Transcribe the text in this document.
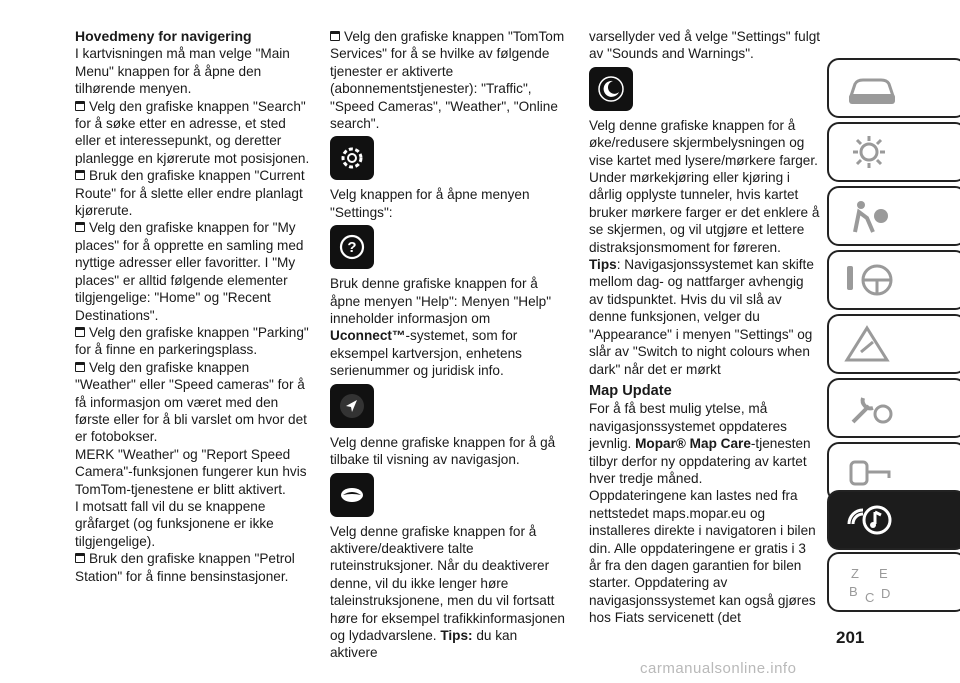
Hovedmeny for navigering

I kartvisningen må man velge "Main Menu" knappen for å åpne den tilhørende menyen.

Velg den grafiske knappen "Search" for å søke etter en adresse, et sted eller et interessepunkt, og deretter planlegge en kjørerute mot posisjonen.

Bruk den grafiske knappen "Current Route" for å slette eller endre planlagt kjørerute.

Velg den grafiske knappen for "My places" for å opprette en samling med nyttige adresser eller favoritter. I "My places" er alltid følgende elementer tilgjengelige: "Home" og "Recent Destinations".

Velg den grafiske knappen "Parking" for å finne en parkeringsplass.

Velg den grafiske knappen "Weather" eller "Speed cameras" for å få informasjon om været med den første eller for å bli varslet om hvor det er fotobokser.

MERK "Weather" og "Report Speed Camera"-funksjonen fungerer kun hvis TomTom-tjenestene er blitt aktivert.

I motsatt fall vil du se knappene gråfarget (og funksjonene er ikke tilgjengelige).

Bruk den grafiske knappen "Petrol Station" for å finne bensinstasjoner.

Velg den grafiske knappen "TomTom Services" for å se hvilke av følgende tjenester er aktiverte (abonnementstjenester): "Traffic", "Speed Cameras", "Weather", "Online search".

Velg knappen for å åpne menyen "Settings":

?

Bruk denne grafiske knappen for å åpne menyen "Help": Menyen "Help" inneholder informasjon om Uconnect™-systemet, som for eksempel kartversjon, enhetens serienummer og juridisk info.

Velg denne grafiske knappen for å gå tilbake til visning av navigasjon.

Velg denne grafiske knappen for å aktivere/deaktivere talte ruteinstruksjoner. Når du deaktiverer denne, vil du ikke lenger høre taleinstruksjonene, men du vil fortsatt høre for eksempel trafikkinformasjonen og lydadvarslene. Tips: du kan aktivere

varsellyder ved å velge "Settings" fulgt av "Sounds and Warnings".

Velg denne grafiske knappen for å øke/redusere skjermbelysningen og vise kartet med lysere/mørkere farger. Under mørkekjøring eller kjøring i dårlig opplyste tunneler, hvis kartet bruker mørkere farger er det enklere å se skjermen, og vil utgjøre et lettere distraksjonsmoment for føreren.

Tips: Navigasjonssystemet kan skifte mellom dag- og nattfarger avhengig av tidspunktet. Hvis du vil slå av denne funksjonen, velger du "Appearance" i menyen "Settings" og slår av "Switch to night colours when dark" når det er mørkt

Map Update

For å få best mulig ytelse, må navigasjonssystemet oppdateres jevnlig. Mopar® Map Care-tjenesten tilbyr derfor ny oppdatering av kartet hver tredje måned.

Oppdateringene kan lastes ned fra nettstedet maps.mopar.eu og installeres direkte i navigatoren i bilen din. Alle oppdateringene er gratis i 3 år fra den dagen garantien for bilen starter. Oppdatering av navigasjonssystemet kan også gjøres hos Fiats servicenett (det

Z E
B C D
201
carmanualsonline.info
